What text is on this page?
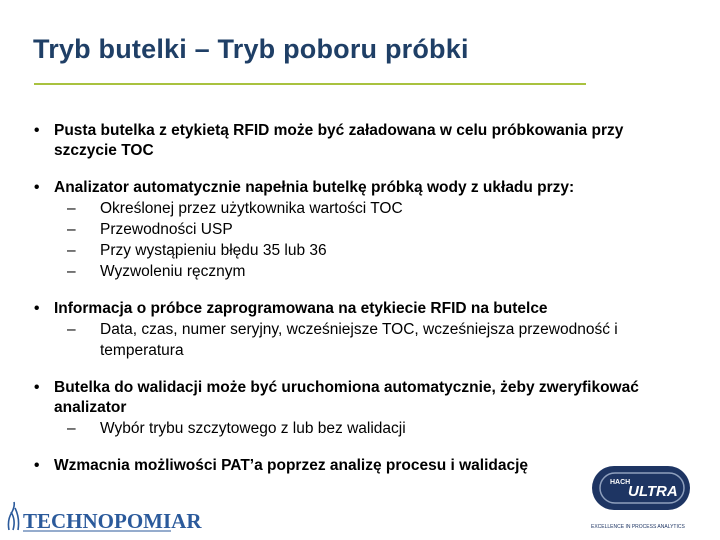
Tryb butelki – Tryb poboru próbki
• Pusta butelka z etykietą RFID może być załadowana w celu próbkowania przy szczycie TOC
• Analizator automatycznie napełnia butelkę próbką wody z układu przy:
– Określonej przez użytkownika wartości TOC
– Przewodności USP
– Przy wystąpieniu błędu 35 lub 36
– Wyzwoleniu ręcznym
• Informacja o próbce zaprogramowana na etykiecie RFID na butelce
– Data, czas, numer seryjny, wcześniejsze TOC, wcześniejsza przewodność i temperatura
• Butelka do walidacji może być uruchomiona automatycznie, żeby zweryfikować analizator
– Wybór trybu szczytowego z lub bez walidacji
• Wzmacnia możliwości PAT’a poprzez analizę procesu i walidację
TECHNOPOMIAR
HACH
ULTRA
EXCELLENCE IN PROCESS ANALYTICS
